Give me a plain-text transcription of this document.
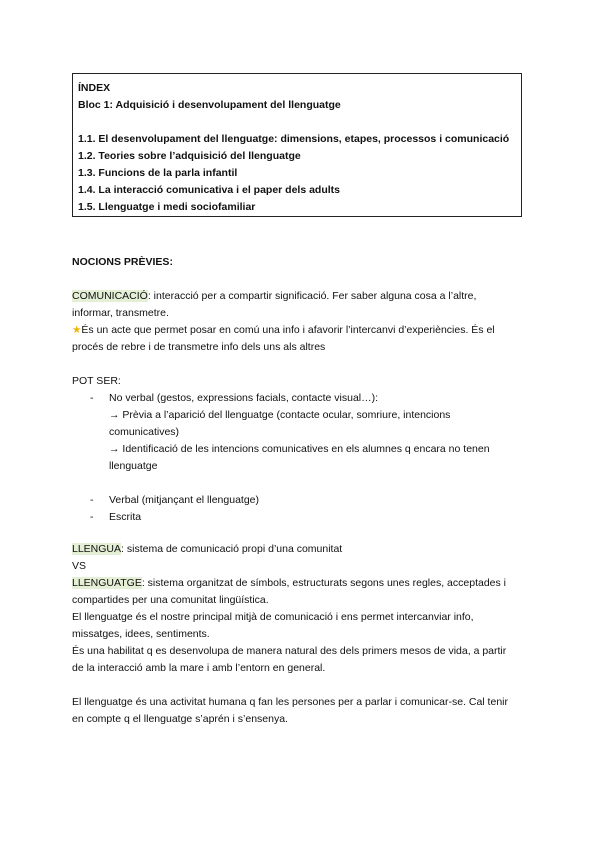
ÍNDEX
Bloc 1: Adquisició i desenvolupament del llenguatge
1.1. El desenvolupament del llenguatge: dimensions, etapes, processos i comunicació
1.2. Teories sobre l’adquisició del llenguatge
1.3. Funcions de la parla infantil
1.4. La interacció comunicativa i el paper dels adults
1.5. Llenguatge i medi sociofamiliar
NOCIONS PRÈVIES:
COMUNICACIÓ: interacció per a compartir significació. Fer saber alguna cosa a l’altre,
informar, transmetre.
★És un acte que permet posar en comú una info i afavorir l’intercanvi d’experiències. És el
procés de rebre i de transmetre info dels uns als altres
POT SER:
- No verbal (gestos, expressions facials, contacte visual…):
→ Prèvia a l’aparició del llenguatge (contacte ocular, somriure, intencions
comunicatives)
→ Identificació de les intencions comunicatives en els alumnes q encara no tenen
llenguatge
- Verbal (mitjançant el llenguatge)
- Escrita
LLENGUA: sistema de comunicació propi d’una comunitat
VS
LLENGUATGE: sistema organitzat de símbols, estructurats segons unes regles, acceptades i
compartides per una comunitat lingüística.
El llenguatge és el nostre principal mitjà de comunicació i ens permet intercanviar info,
missatges, idees, sentiments.
És una habilitat q es desenvolupa de manera natural des dels primers mesos de vida, a partir
de la interacció amb la mare i amb l’entorn en general.
El llenguatge és una activitat humana q fan les persones per a parlar i comunicar-se. Cal tenir
en compte q el llenguatge s’aprén i s’ensenya.
